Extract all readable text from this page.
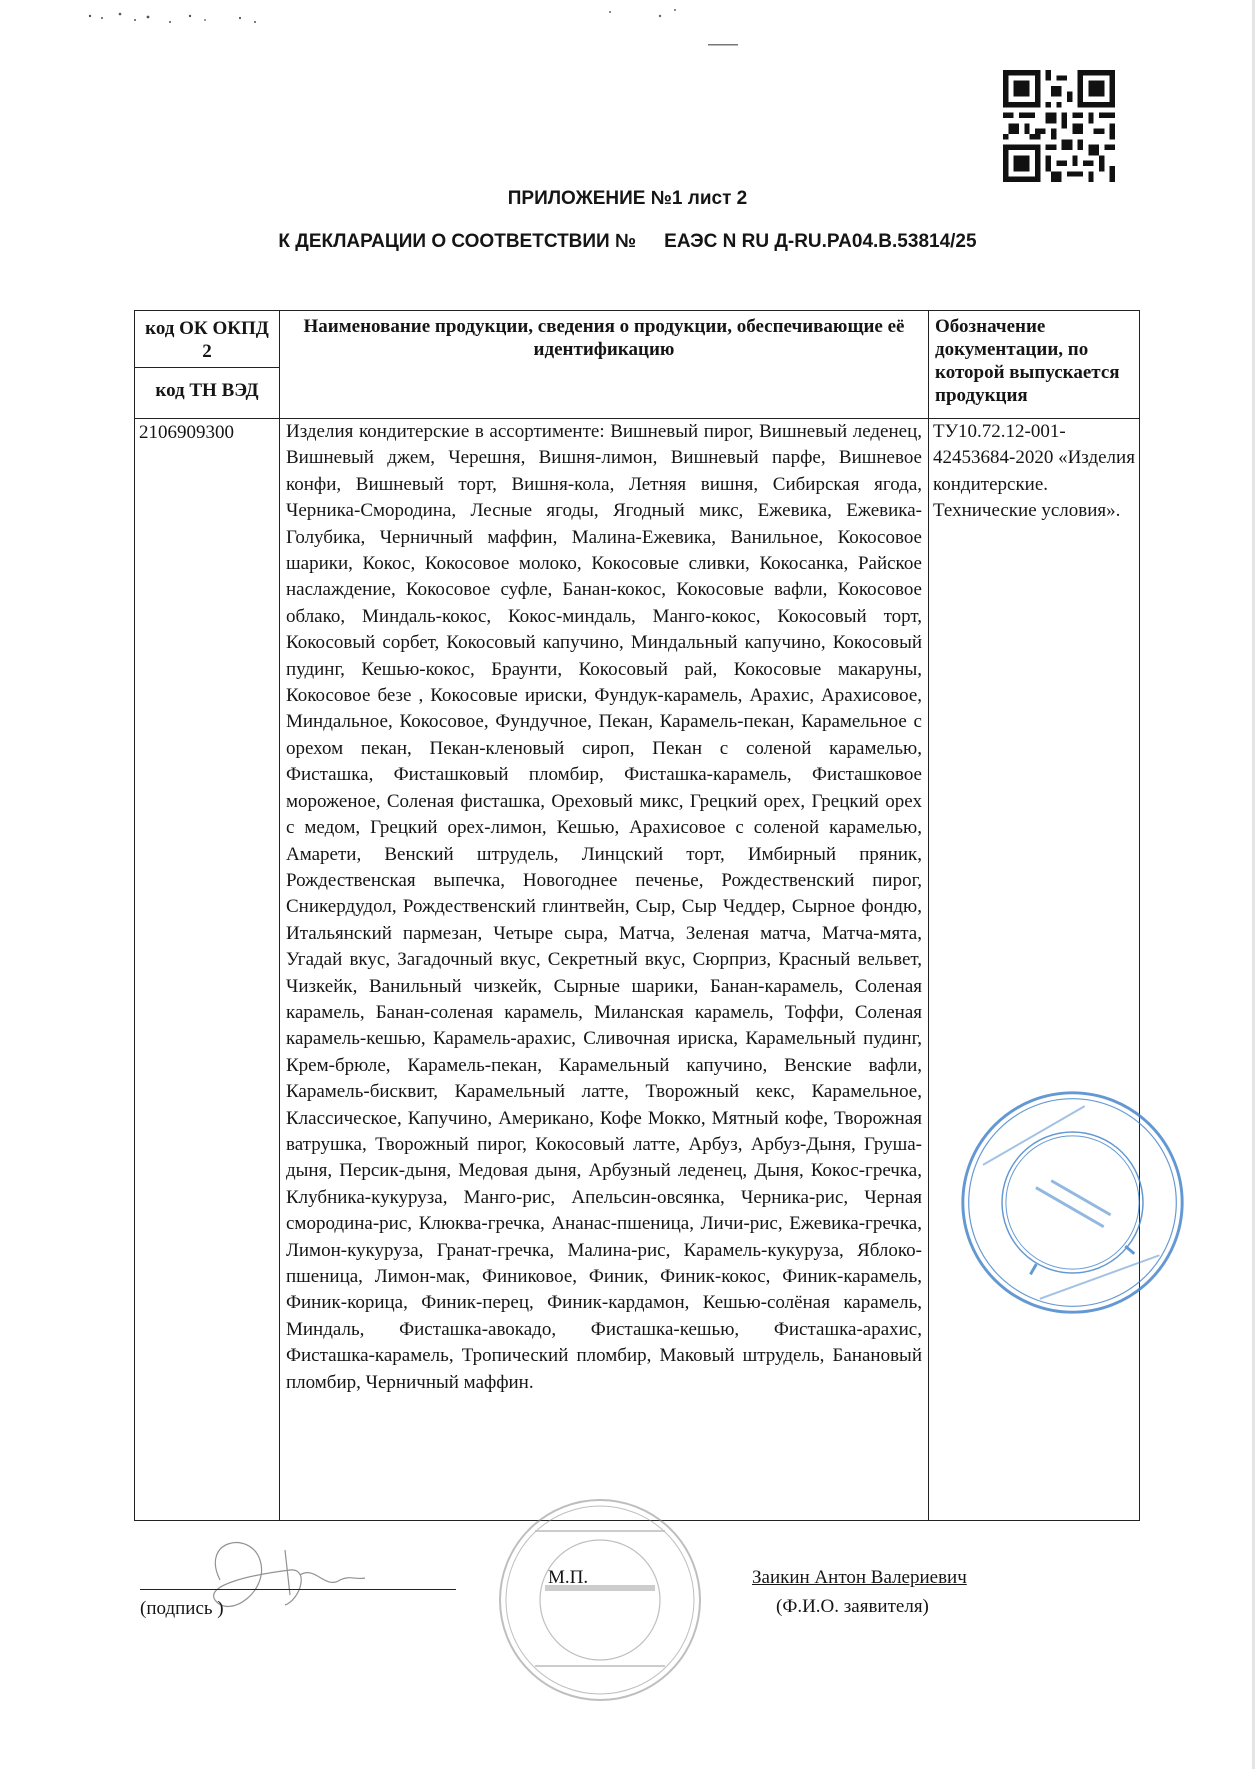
ПРИЛОЖЕНИЕ №1 лист 2
К ДЕКЛАРАЦИИ О СООТВЕТСТВИИ № ЕАЭС N RU Д-RU.PA04.B.53814/25
код ОК ОКПД 2	Наименование продукции, сведения о продукции, обеспечивающие её идентификацию	Обозначение документации, по которой выпускается продукция
код ТН ВЭД		
2106909300	Изделия кондитерские в ассортименте: Вишневый пирог, Вишневый леденец, Вишневый джем, Черешня, Вишня-лимон, Вишневый парфе, Вишневое конфи, Вишневый торт, Вишня-кола, Летняя вишня, Сибирская ягода, Черника-Смородина, Лесные ягоды, Ягодный микс, Ежевика, Ежевика-Голубика, Черничный маффин, Малина-Ежевика, Ванильное, Кокосовое шарики, Кокос, Кокосовое молоко, Кокосовые сливки, Кокосанка, Райское наслаждение, Кокосовое суфле, Банан-кокос, Кокосовые вафли, Кокосовое облако, Миндаль-кокос, Кокос-миндаль, Манго-кокос, Кокосовый торт, Кокосовый сорбет, Кокосовый капучино, Миндальный капучино, Кокосовый пудинг, Кешью-кокос, Браунти, Кокосовый рай, Кокосовые макаруны, Кокосовое безе , Кокосовые ириски, Фундук-карамель, Арахис, Арахисовое, Миндальное, Кокосовое, Фундучное, Пекан, Карамель-пекан, Карамельное с орехом пекан, Пекан-кленовый сироп, Пекан с соленой карамелью, Фисташка, Фисташковый пломбир, Фисташка-карамель, Фисташковое мороженое, Соленая фисташка, Ореховый микс, Грецкий орех, Грецкий орех с медом, Грецкий орех-лимон, Кешью, Арахисовое с соленой карамелью, Амарети, Венский штрудель, Линцский торт, Имбирный пряник, Рождественская выпечка, Новогоднее печенье, Рождественский пирог, Сникердудол, Рождественский глинтвейн, Сыр, Сыр Чеддер, Сырное фондю, Итальянский пармезан, Четыре сыра, Матча, Зеленая матча, Матча-мята, Угадай вкус, Загадочный вкус, Секретный вкус, Сюрприз, Красный вельвет, Чизкейк, Ванильный чизкейк, Сырные шарики, Банан-карамель, Соленая карамель, Банан-соленая карамель, Миланская карамель, Тоффи, Соленая карамель-кешью, Карамель-арахис, Сливочная ириска, Карамельный пудинг, Крем-брюле, Карамель-пекан, Карамельный капучино, Венские вафли, Карамель-бисквит, Карамельный латте, Творожный кекс, Карамельное, Классическое, Капучино, Американо, Кофе Мокко, Мятный кофе, Творожная ватрушка, Творожный пирог, Кокосовый латте, Арбуз, Арбуз-Дыня, Груша-дыня, Персик-дыня, Медовая дыня, Арбузный леденец, Дыня, Кокос-гречка, Клубника-кукуруза, Манго-рис, Апельсин-овсянка, Черника-рис, Черная смородина-рис, Клюква-гречка, Ананас-пшеница, Личи-рис, Ежевика-гречка, Лимон-кукуруза, Гранат-гречка, Малина-рис, Карамель-кукуруза, Яблоко-пшеница, Лимон-мак, Финиковое, Финик, Финик-кокос, Финик-карамель, Финик-корица, Финик-перец, Финик-кардамон, Кешью-солёная карамель, Миндаль, Фисташка-авокадо, Фисташка-кешью, Фисташка-арахис, Фисташка-карамель, Тропический пломбир, Маковый штрудель, Банановый пломбир, Черничный маффин.	ТУ10.72.12-001-42453684-2020 «Изделия кондитерские. Технические условия».
(подпись )
М.П.	Заикин Антон Валериевич
(Ф.И.О. заявителя)
